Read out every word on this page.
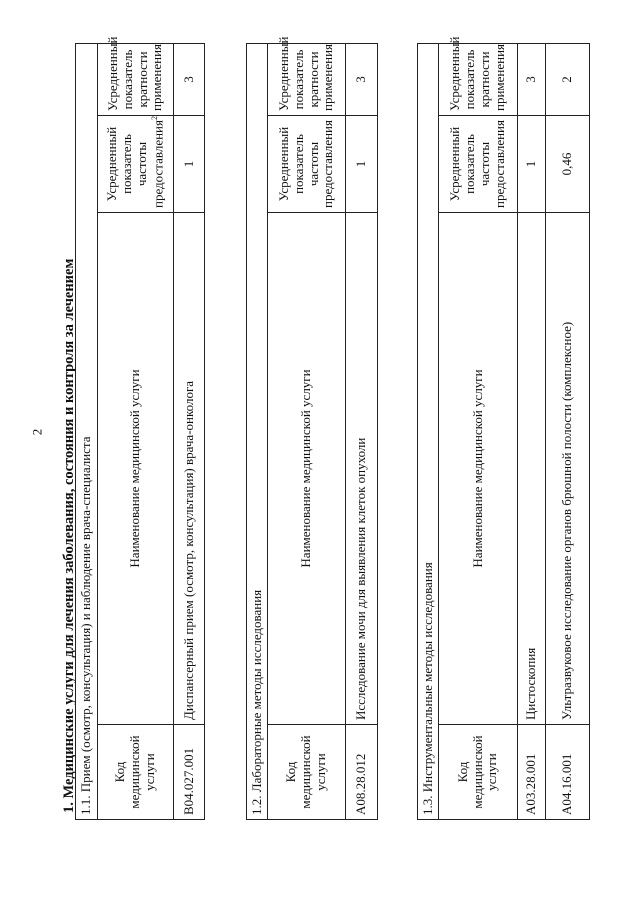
2 1. Медицинские услуги для лечения заболевания, состояния и контроля за лечением 1.1. Прием (осмотр, консультация) и наблюдение врача-специалиста			
Код медицинской услуги	Наименование медицинской услуги	Усредненный показатель частоты предоставления$^2$	Усредненный показатель кратности применения
B04.027.001	Диспансерный прием (осмотр, консультация) врача-онколога	1	3
1.2. Лабораторные методы исследования			
Код медицинской услуги	Наименование медицинской услуги	Усредненный показатель частоты предоставления	Усредненный показатель кратности применения
A08.28.012	Исследование мочи для выявления клеток опухоли	1	3
1.3. Инструментальные методы исследования			
Код медицинской услуги	Наименование медицинской услуги	Усредненный показатель частоты предоставления	Усредненный показатель кратности применения
A03.28.001	Цистоскопия	1	3
A04.16.001	Ультразвуковое исследование органов брюшной полости (комплексное)	0,46	2
